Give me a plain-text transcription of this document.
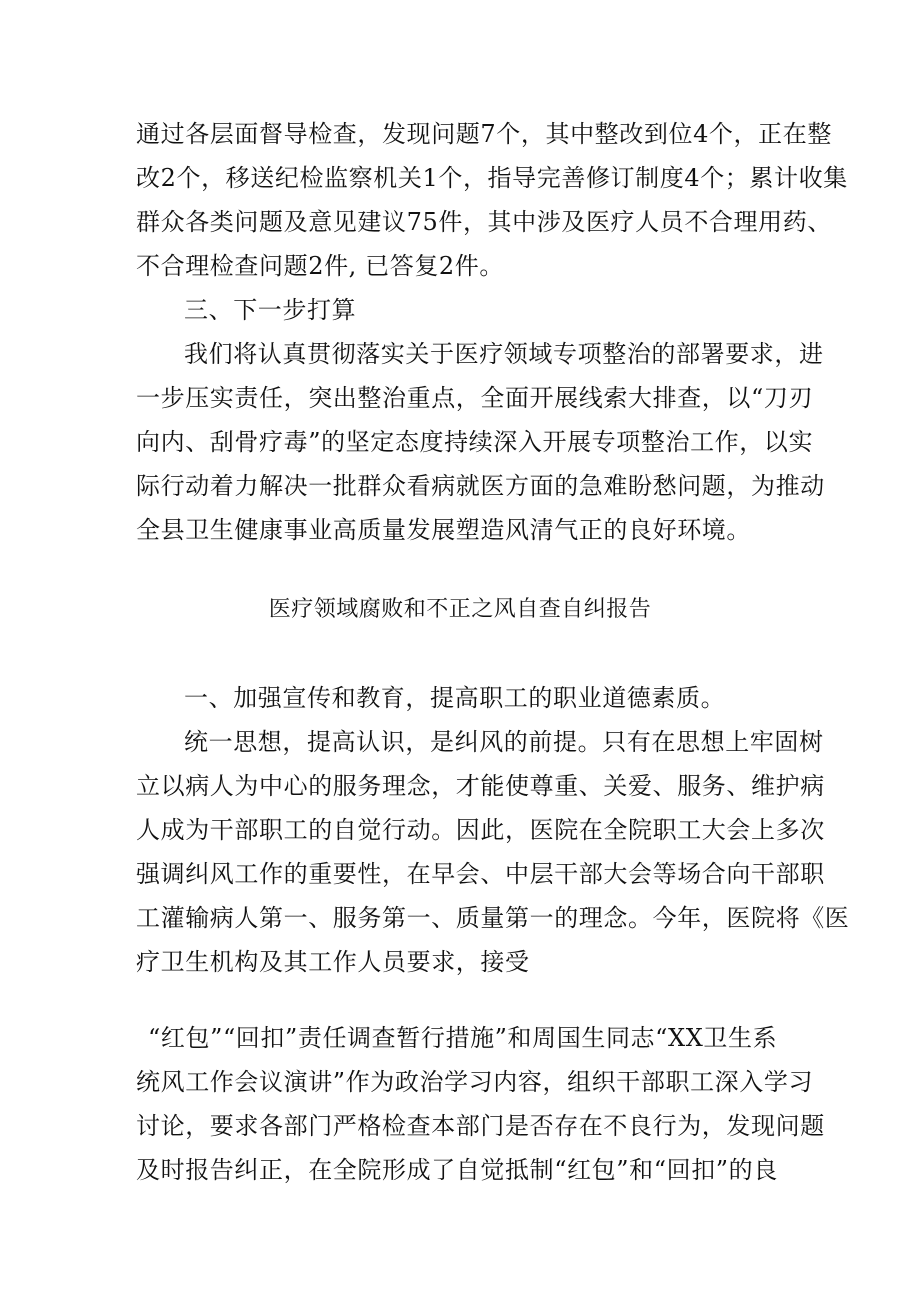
通过各层面督导检查，发现问题7个，其中整改到位4个，正在整
改2个，移送纪检监察机关1个，指导完善修订制度4个；累计收集
群众各类问题及意见建议75件，其中涉及医疗人员不合理用药、
不合理检查问题2件, 已答复2件。
三、下一步打算
我们将认真贯彻落实关于医疗领域专项整治的部署要求，进
一步压实责任，突出整治重点，全面开展线索大排查，以“刀刃
向内、刮骨疗毒”的坚定态度持续深入开展专项整治工作，以实
际行动着力解决一批群众看病就医方面的急难盼愁问题，为推动
全县卫生健康事业高质量发展塑造风清气正的良好环境。
医疗领域腐败和不正之风自查自纠报告
一、加强宣传和教育，提高职工的职业道德素质。
统一思想，提高认识，是纠风的前提。只有在思想上牢固树
立以病人为中心的服务理念，才能使尊重、关爱、服务、维护病
人成为干部职工的自觉行动。因此，医院在全院职工大会上多次
强调纠风工作的重要性，在早会、中层干部大会等场合向干部职
工灌输病人第一、服务第一、质量第一的理念。今年，医院将《医
疗卫生机构及其工作人员要求，接受
“红包”“回扣”责任调查暂行措施”和周国生同志“XX卫生系
统风工作会议演讲”作为政治学习内容，组织干部职工深入学习
讨论，要求各部门严格检查本部门是否存在不良行为，发现问题
及时报告纠正，在全院形成了自觉抵制“红包”和“回扣”的良
